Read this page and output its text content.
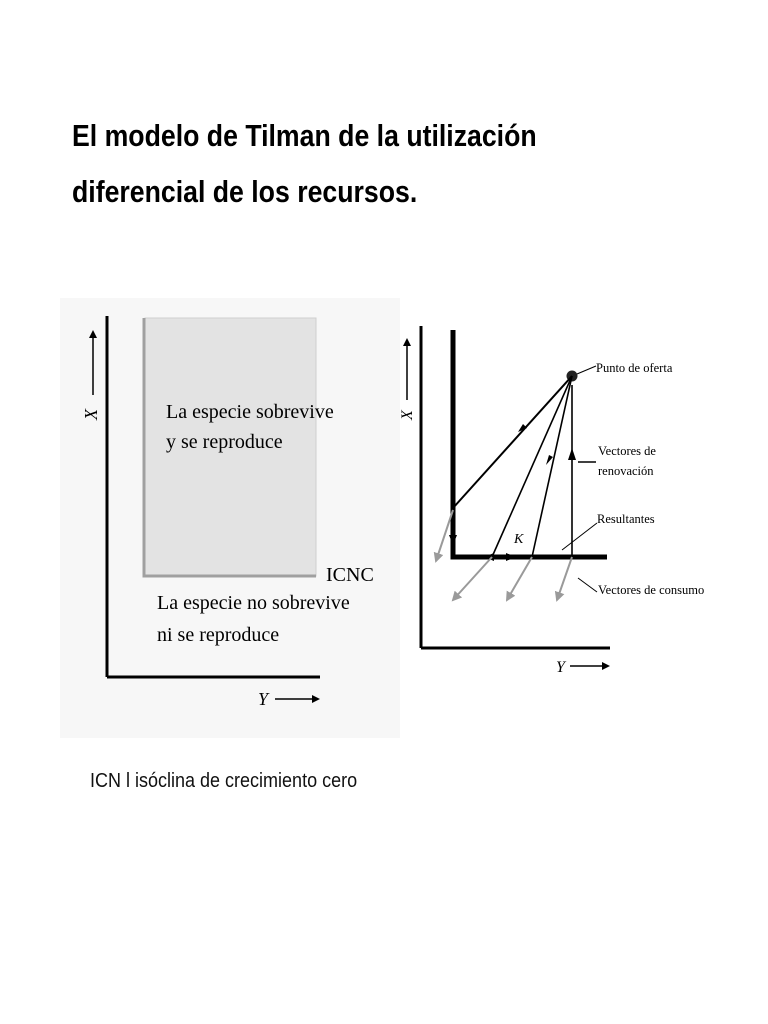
El modelo de Tilman de la utilización
diferencial de los recursos.
X
Y
La especie sobrevive
y se reproduce
ICNC
La especie no sobrevive
ni se reproduce
X
Y
Punto de oferta
Vectores de
renovación
Resultantes
Vectores de consumo
K
ICN l isóclina de crecimiento cero
